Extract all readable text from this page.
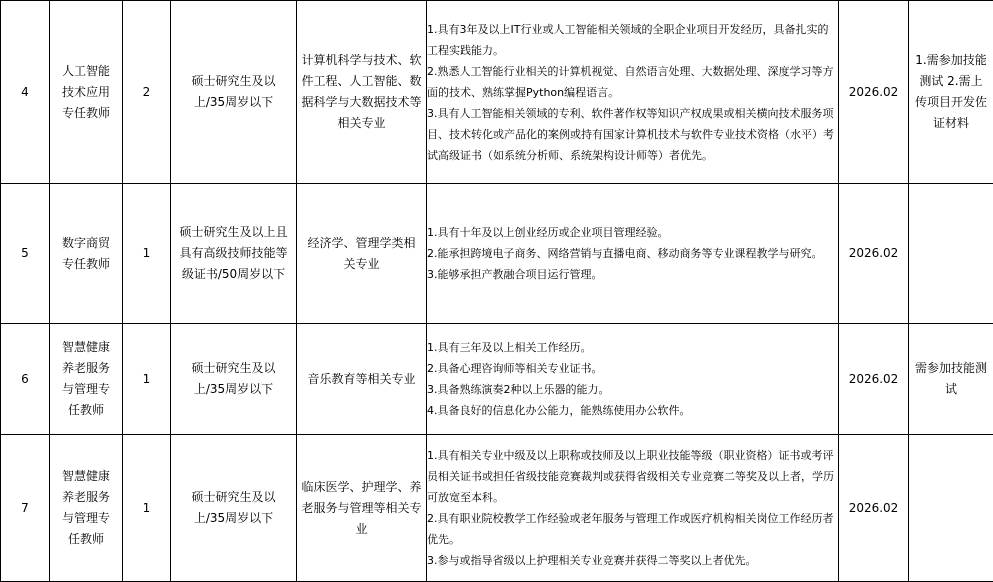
4	人工智能技术应用专任教师	2	硕士研究生及以上/35周岁以下	计算机科学与技术、软件工程、人工智能、数据科学与大数据技术等相关专业	1.具有3年及以上IT行业或人工智能相关领域的全职企业项目开发经历，具备扎实的工程实践能力。
2.熟悉人工智能行业相关的计算机视觉、自然语言处理、大数据处理、深度学习等方面的技术、熟练掌握Python编程语言。
3.具有人工智能相关领域的专利、软件著作权等知识产权成果或相关横向技术服务项目、技术转化或产品化的案例或持有国家计算机技术与软件专业技术资格（水平）考试高级证书（如系统分析师、系统架构设计师等）者优先。	2026.02	1.需参加技能测试 2.需上传项目开发佐证材料

5	数字商贸专任教师	1	硕士研究生及以上且具有高级技师技能等级证书/50周岁以下	经济学、管理学类相关专业	1.具有十年及以上创业经历或企业项目管理经验。
2.能承担跨境电子商务、网络营销与直播电商、移动商务等专业课程教学与研究。
3.能够承担产教融合项目运行管理。	2026.02	
6	智慧健康养老服务与管理专任教师	1	硕士研究生及以上/35周岁以下	音乐教育等相关专业	1.具有三年及以上相关工作经历。
2.具备心理咨询师等相关专业证书。
3.具备熟练演奏2种以上乐器的能力。
4.具备良好的信息化办公能力，能熟练使用办公软件。	2026.02	需参加技能测试

7	智慧健康养老服务与管理专任教师	1	硕士研究生及以上/35周岁以下	临床医学、护理学、养老服务与管理等相关专业	1.具有相关专业中级及以上职称或技师及以上职业技能等级（职业资格）证书或考评员相关证书或担任省级技能竞赛裁判或获得省级相关专业竞赛二等奖及以上者，学历可放宽至本科。
2.具有职业院校教学工作经验或老年服务与管理工作或医疗机构相关岗位工作经历者优先。
3.参与或指导省级以上护理相关专业竞赛并获得二等奖以上者优先。	2026.02	
